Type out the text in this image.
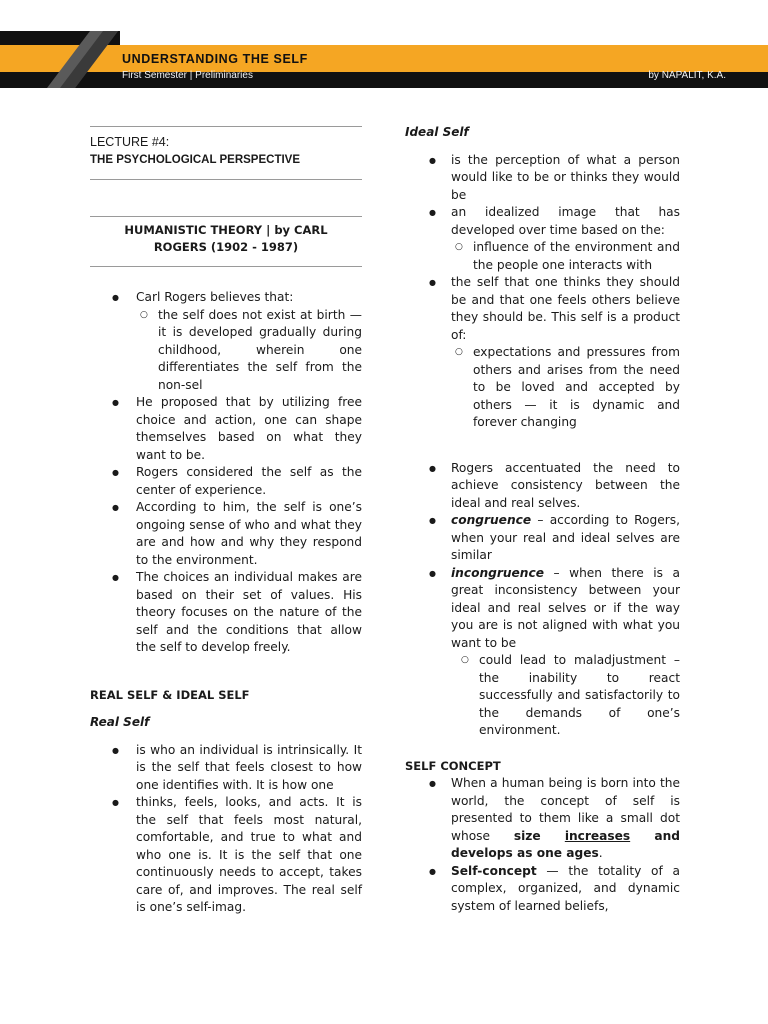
UNDERSTANDING THE SELF
First Semester | Preliminaries	by NAPALIT, K.A.
LECTURE #4:
THE PSYCHOLOGICAL PERSPECTIVE
HUMANISTIC THEORY | by CARL
ROGERS (1902 - 1987)
● Carl Rogers believes that:
○ the self does not exist at birth — it is developed gradually during childhood, wherein one differentiates the self from the non-sel
● He proposed that by utilizing free choice and action, one can shape themselves based on what they want to be.
● Rogers considered the self as the center of experience.
● According to him, the self is one’s ongoing sense of who and what they are and how and why they respond to the environment.
● The choices an individual makes are based on their set of values. His theory focuses on the nature of the self and the conditions that allow the self to develop freely.

REAL SELF & IDEAL SELF

Real Self

● is who an individual is intrinsically. It is the self that feels closest to how one identifies with. It is how one
● thinks, feels, looks, and acts. It is the self that feels most natural, comfortable, and true to what and who one is. It is the self that one continuously needs to accept, takes care of, and improves. The real self is one’s self-imag.

Ideal Self

● is the perception of what a person would like to be or thinks they would be
● an idealized image that has developed over time based on the:
○ influence of the environment and the people one interacts with
● the self that one thinks they should be and that one feels others believe they should be. This self is a product of:
○ expectations and pressures from others and arises from the need to be loved and accepted by others — it is dynamic and forever changing
● Rogers accentuated the need to achieve consistency between the ideal and real selves.
● congruence – according to Rogers, when your real and ideal selves are similar
● incongruence – when there is a great inconsistency between your ideal and real selves or if the way you are is not aligned with what you want to be
○ could lead to maladjustment – the inability to react successfully and satisfactorily to the demands of one’s environment.

SELF CONCEPT

● When a human being is born into the world, the concept of self is presented to them like a small dot whose size increases and develops as one ages.
● Self-concept — the totality of a complex, organized, and dynamic system of learned beliefs,
